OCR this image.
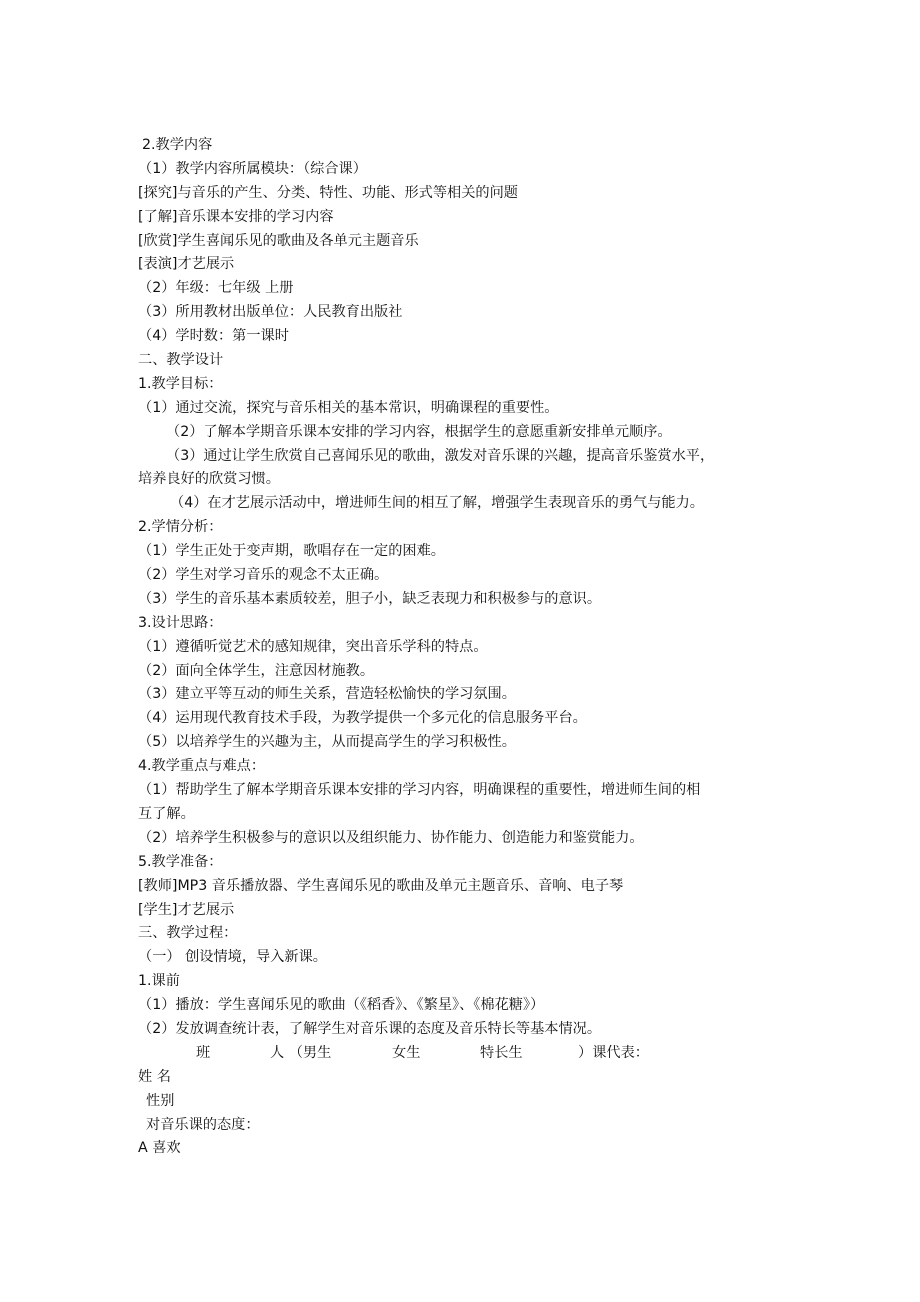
2.教学内容
（1）教学内容所属模块：（综合课）
[探究]与音乐的产生、分类、特性、功能、形式等相关的问题
[了解]音乐课本安排的学习内容
[欣赏]学生喜闻乐见的歌曲及各单元主题音乐
[表演]才艺展示
（2）年级：七年级 上册
（3）所用教材出版单位：人民教育出版社
（4）学时数：第一课时
二、教学设计
1.教学目标：
（1）通过交流，探究与音乐相关的基本常识，明确课程的重要性。
（2）了解本学期音乐课本安排的学习内容，根据学生的意愿重新安排单元顺序。
（3）通过让学生欣赏自己喜闻乐见的歌曲，激发对音乐课的兴趣，提高音乐鉴赏水平，
培养良好的欣赏习惯。
（4）在才艺展示活动中，增进师生间的相互了解，增强学生表现音乐的勇气与能力。
2.学情分析：
（1）学生正处于变声期，歌唱存在一定的困难。
（2）学生对学习音乐的观念不太正确。
（3）学生的音乐基本素质较差，胆子小，缺乏表现力和积极参与的意识。
3.设计思路：
（1）遵循听觉艺术的感知规律，突出音乐学科的特点。
（2）面向全体学生，注意因材施教。
（3）建立平等互动的师生关系，营造轻松愉快的学习氛围。
（4）运用现代教育技术手段，为教学提供一个多元化的信息服务平台。
（5）以培养学生的兴趣为主，从而提高学生的学习积极性。
4.教学重点与难点：
（1）帮助学生了解本学期音乐课本安排的学习内容，明确课程的重要性，增进师生间的相
互了解。
（2）培养学生积极参与的意识以及组织能力、协作能力、创造能力和鉴赏能力。
5.教学准备：
[教师]MP3 音乐播放器、学生喜闻乐见的歌曲及单元主题音乐、音响、电子琴
[学生]才艺展示
三、教学过程：
（一） 创设情境，导入新课。
1.课前
（1）播放：学生喜闻乐见的歌曲（《稻香》、《繁星》、《棉花糖》）
（2）发放调查统计表，了解学生对音乐课的态度及音乐特长等基本情况。
班	人 （男生	女生	特长生	）课代表：
姓 名
性别
对音乐课的态度：
A 喜欢
